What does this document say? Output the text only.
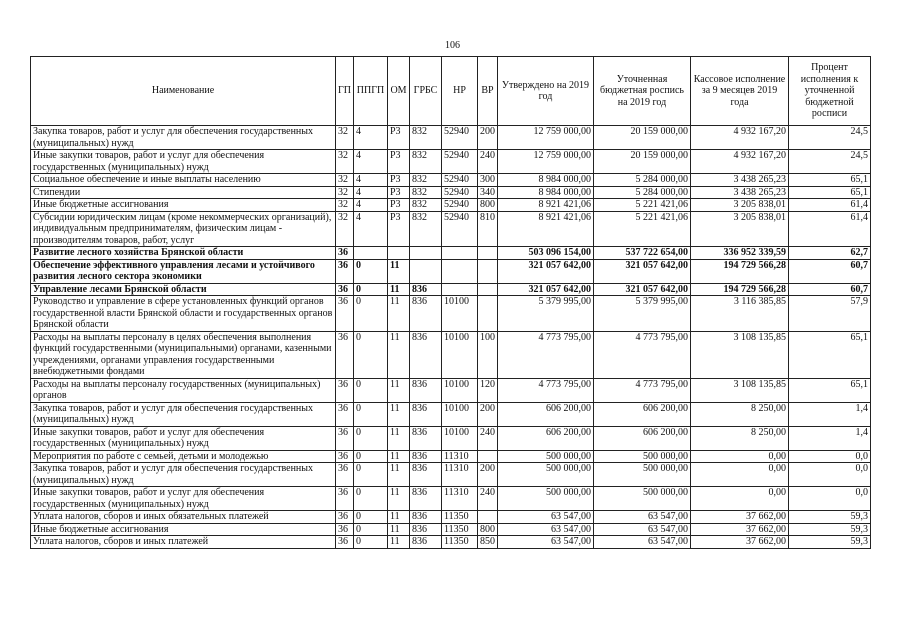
106
Наименование	ГП	ППГП	ОМ	ГРБС	НР	ВР	Утверждено на 2019 год	Уточненная бюджетная роспись на 2019 год	Кассовое исполнение за 9 месяцев 2019 года	Процент исполнения к уточненной бюджетной росписи
Закупка товаров, работ и услуг для обеспечения государственных (муниципальных) нужд	32	4	Р3	832	52940	200	12 759 000,00	20 159 000,00	4 932 167,20	24,5
Иные закупки товаров, работ и услуг для обеспечения государственных (муниципальных) нужд	32	4	Р3	832	52940	240	12 759 000,00	20 159 000,00	4 932 167,20	24,5
Социальное обеспечение и иные выплаты населению	32	4	Р3	832	52940	300	8 984 000,00	5 284 000,00	3 438 265,23	65,1
Стипендии	32	4	Р3	832	52940	340	8 984 000,00	5 284 000,00	3 438 265,23	65,1
Иные бюджетные ассигнования	32	4	Р3	832	52940	800	8 921 421,06	5 221 421,06	3 205 838,01	61,4
Субсидии юридическим лицам (кроме некоммерческих организаций), индивидуальным предпринимателям, физическим лицам - производителям товаров, работ, услуг	32	4	Р3	832	52940	810	8 921 421,06	5 221 421,06	3 205 838,01	61,4
Развитие лесного хозяйства Брянской области	36						503 096 154,00	537 722 654,00	336 952 339,59	62,7
Обеспечение эффективного управления лесами и устойчивого развития лесного сектора экономики	36	0	11				321 057 642,00	321 057 642,00	194 729 566,28	60,7
Управление лесами Брянской области	36	0	11	836			321 057 642,00	321 057 642,00	194 729 566,28	60,7
Руководство и управление в сфере установленных функций органов государственной власти Брянской области и государственных органов Брянской области	36	0	11	836	10100		5 379 995,00	5 379 995,00	3 116 385,85	57,9
Расходы на выплаты персоналу в целях обеспечения выполнения функций государственными (муниципальными) органами, казенными учреждениями, органами управления государственными внебюджетными фондами	36	0	11	836	10100	100	4 773 795,00	4 773 795,00	3 108 135,85	65,1
Расходы на выплаты персоналу государственных (муниципальных) органов	36	0	11	836	10100	120	4 773 795,00	4 773 795,00	3 108 135,85	65,1
Закупка товаров, работ и услуг для обеспечения государственных (муниципальных) нужд	36	0	11	836	10100	200	606 200,00	606 200,00	8 250,00	1,4
Иные закупки товаров, работ и услуг для обеспечения государственных (муниципальных) нужд	36	0	11	836	10100	240	606 200,00	606 200,00	8 250,00	1,4
Мероприятия по работе с семьей, детьми и молодежью	36	0	11	836	11310		500 000,00	500 000,00	0,00	0,0
Закупка товаров, работ и услуг для обеспечения государственных (муниципальных) нужд	36	0	11	836	11310	200	500 000,00	500 000,00	0,00	0,0
Иные закупки товаров, работ и услуг для обеспечения государственных (муниципальных) нужд	36	0	11	836	11310	240	500 000,00	500 000,00	0,00	0,0
Уплата налогов, сборов и иных обязательных платежей	36	0	11	836	11350		63 547,00	63 547,00	37 662,00	59,3
Иные бюджетные ассигнования	36	0	11	836	11350	800	63 547,00	63 547,00	37 662,00	59,3
Уплата налогов, сборов и иных платежей	36	0	11	836	11350	850	63 547,00	63 547,00	37 662,00	59,3
